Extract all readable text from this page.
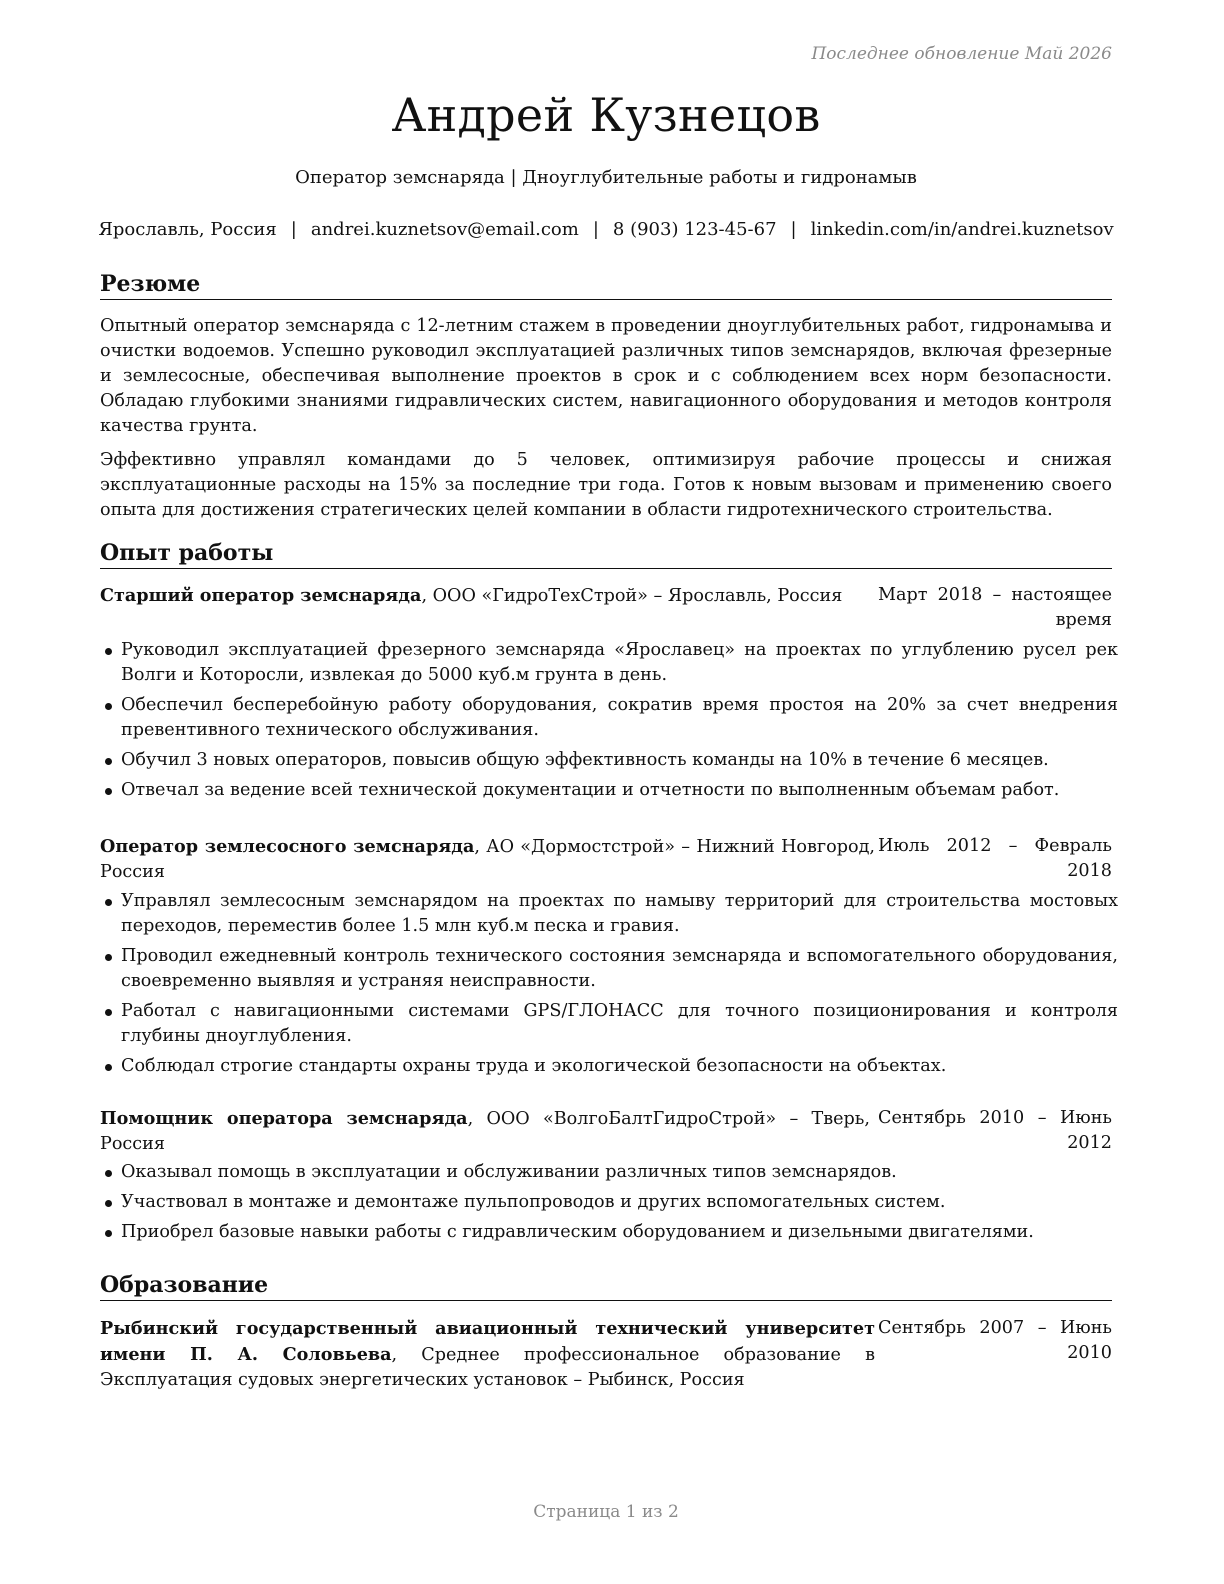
Последнее обновление Май 2026
Андрей Кузнецов
Оператор земснаряда | Дноуглубительные работы и гидронамыв
Ярославль, Россия | andrei.kuznetsov@email.com | 8 (903) 123-45-67 | linkedin.com/in/andrei.kuznetsov
Резюме

Опытный оператор земснаряда с 12-летним стажем в проведении дноуглубительных работ, гидронамыва и очистки водоемов. Успешно руководил эксплуатацией различных типов земснарядов, включая фрезерные и землесосные, обеспечивая выполнение проектов в срок и с соблюдением всех норм безопасности. Обладаю глубокими знаниями гидравлических систем, навигационного оборудования и методов контроля качества грунта.

Эффективно управлял командами до 5 человек, оптимизируя рабочие процессы и снижая эксплуатационные расходы на 15% за последние три года. Готов к новым вызовам и применению своего опыта для достижения стратегических целей компании в области гидротехнического строительства.

Опыт работы
Старший оператор земснаряда, ООО «ГидроТехСтрой» – Ярославль, Россия	Март 2018 – настоящее время
Руководил эксплуатацией фрезерного земснаряда «Ярославец» на проектах по углублению русел рек Волги и Которосли, извлекая до 5000 куб.м грунта в день.
Обеспечил бесперебойную работу оборудования, сократив время простоя на 20% за счет внедрения превентивного технического обслуживания.
Обучил 3 новых операторов, повысив общую эффективность команды на 10% в течение 6 месяцев.
Отвечал за ведение всей технической документации и отчетности по выполненным объемам работ.
Оператор землесосного земснаряда, АО «Дормостстрой» – Нижний Новгород, Россия
Июль 2012 – Февраль 2018
Управлял землесосным земснарядом на проектах по намыву территорий для строительства мостовых переходов, переместив более 1.5 млн куб.м песка и гравия.
Проводил ежедневный контроль технического состояния земснаряда и вспомогательного оборудования, своевременно выявляя и устраняя неисправности.
Работал с навигационными системами GPS/ГЛОНАСС для точного позиционирования и контроля глубины дноуглубления.
Соблюдал строгие стандарты охраны труда и экологической безопасности на объектах.
Помощник оператора земснаряда, ООО «ВолгоБалтГидроСтрой» – Тверь, Россия
Сентябрь 2010 – Июнь 2012
Оказывал помощь в эксплуатации и обслуживании различных типов земснарядов.
Участвовал в монтаже и демонтаже пульпопроводов и других вспомогательных систем.
Приобрел базовые навыки работы с гидравлическим оборудованием и дизельными двигателями.
Образование
Рыбинский государственный авиационный технический университет имени П. А. Соловьева, Среднее профессиональное образование в Эксплуатация судовых энергетических установок – Рыбинск, Россия
Сентябрь 2007 – Июнь 2010
Страница 1 из 2
